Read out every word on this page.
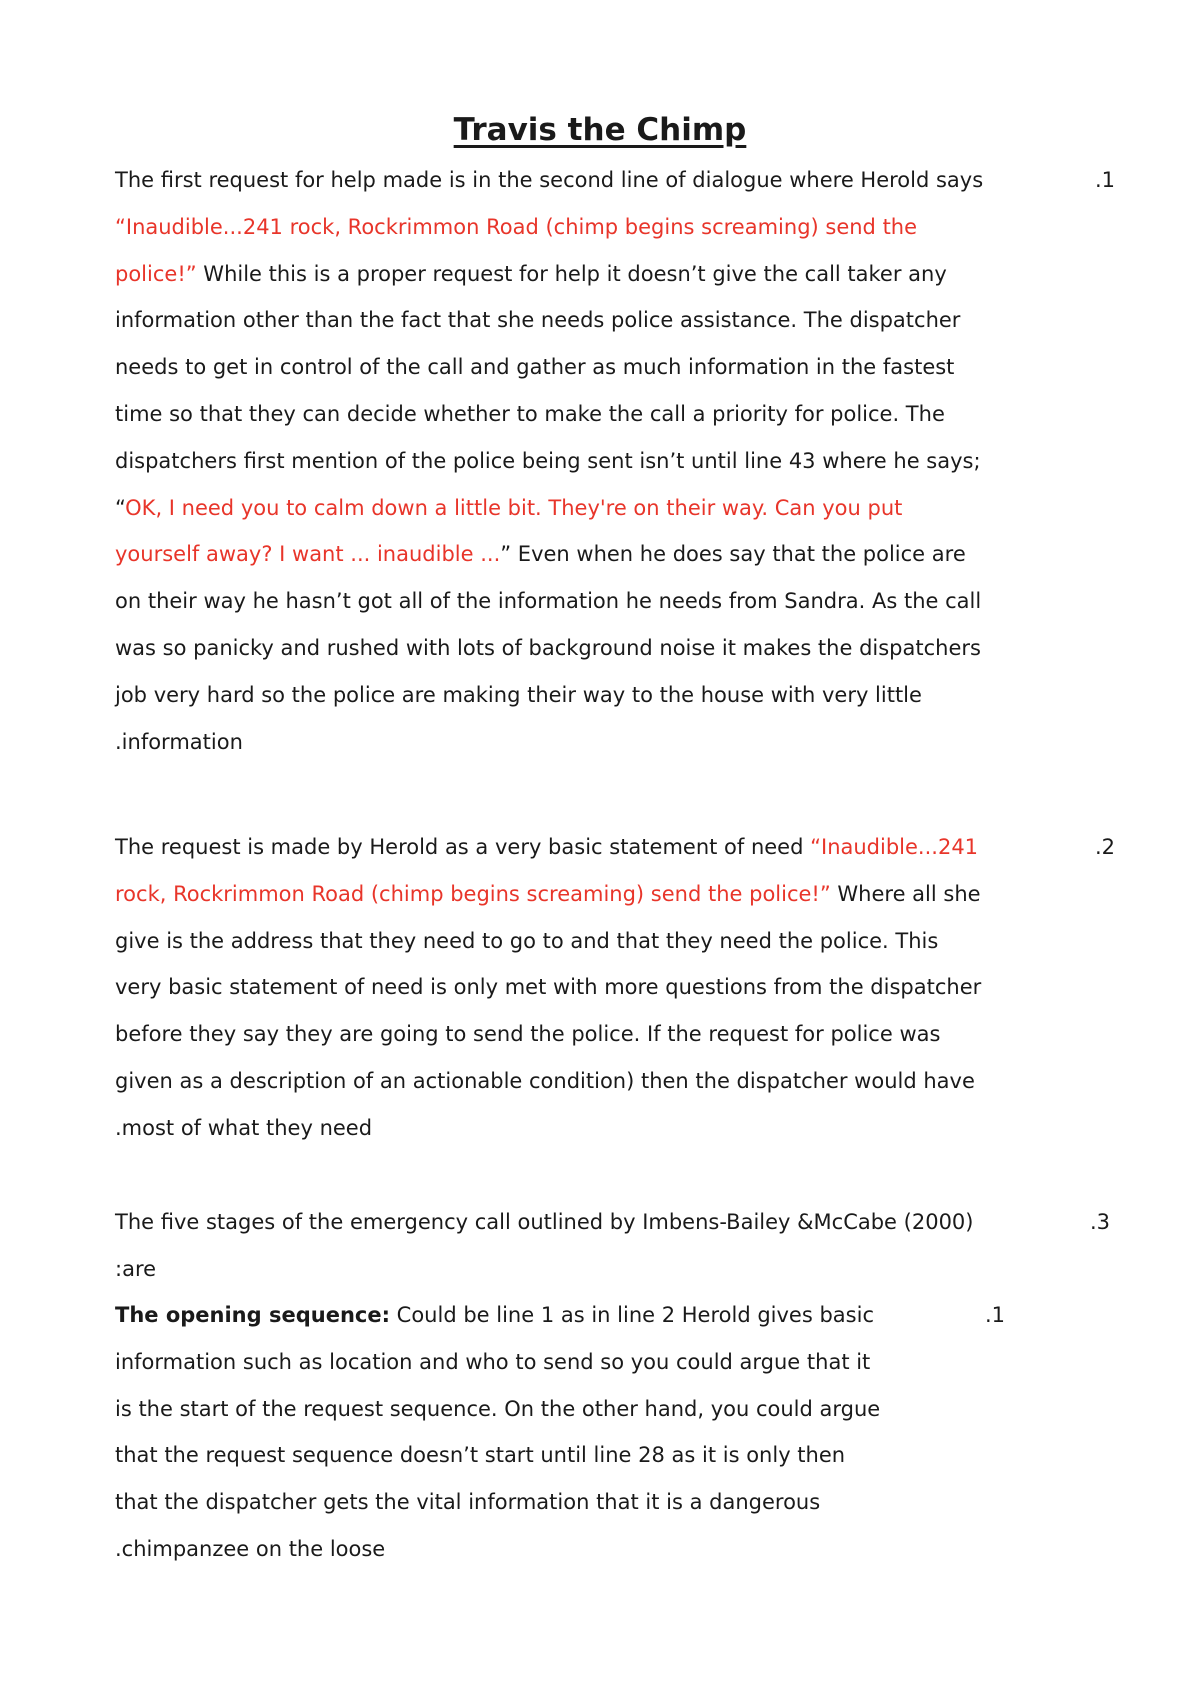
Travis the Chimp
The first request for help made is in the second line of dialogue where Herold says
“Inaudible...241 rock, Rockrimmon Road (chimp begins screaming) send the
police!” While this is a proper request for help it doesn’t give the call taker any
information other than the fact that she needs police assistance. The dispatcher
needs to get in control of the call and gather as much information in the fastest
time so that they can decide whether to make the call a priority for police. The
dispatchers first mention of the police being sent isn’t until line 43 where he says;
“OK, I need you to calm down a little bit. They're on their way. Can you put
yourself away? I want ... inaudible ...” Even when he does say that the police are
on their way he hasn’t got all of the information he needs from Sandra. As the call
was so panicky and rushed with lots of background noise it makes the dispatchers
job very hard so the police are making their way to the house with very little
.information
.1
The request is made by Herold as a very basic statement of need “Inaudible...241
rock, Rockrimmon Road (chimp begins screaming) send the police!” Where all she
give is the address that they need to go to and that they need the police. This
very basic statement of need is only met with more questions from the dispatcher
before they say they are going to send the police. If the request for police was
given as a description of an actionable condition) then the dispatcher would have
.most of what they need
.2
The five stages of the emergency call outlined by Imbens-Bailey &McCabe (2000)
:are
.3
The opening sequence: Could be line 1 as in line 2 Herold gives basic
information such as location and who to send so you could argue that it
is the start of the request sequence. On the other hand, you could argue
that the request sequence doesn’t start until line 28 as it is only then
that the dispatcher gets the vital information that it is a dangerous
.chimpanzee on the loose
.1
